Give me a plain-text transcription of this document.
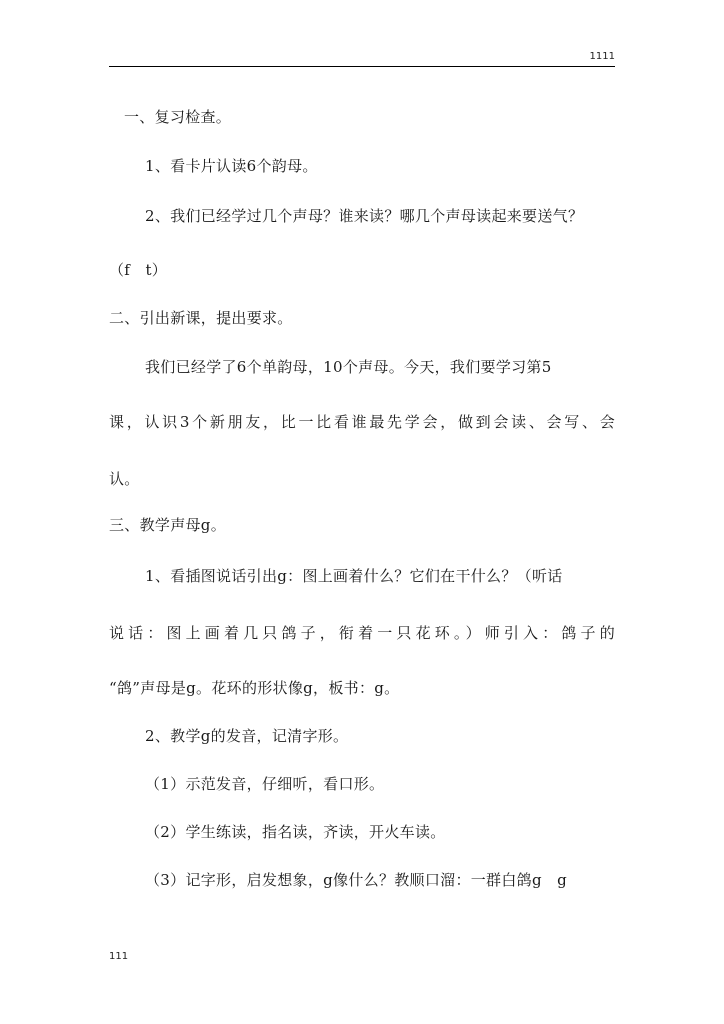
1111
一、复习检查。
1、看卡片认读6个韵母。
2、我们已经学过几个声母？谁来读？哪几个声母读起来要送气？
（f　t）
二、引出新课，提出要求。
我们已经学了6个单韵母，10个声母。今天，我们要学习第5
课，认识3个新朋友，比一比看谁最先学会，做到会读、会写、会
认。
三、教学声母g。
1、看插图说话引出g：图上画着什么？它们在干什么？（听话
说话：图上画着几只鸽子，衔着一只花环。）师引入：鸽子的
“鸽”声母是g。花环的形状像g，板书：g。
2、教学g的发音，记清字形。
（1）示范发音，仔细听，看口形。
（2）学生练读，指名读，齐读，开火车读。
（3）记字形，启发想象，g像什么？教顺口溜：一群白鸽g　g
111
